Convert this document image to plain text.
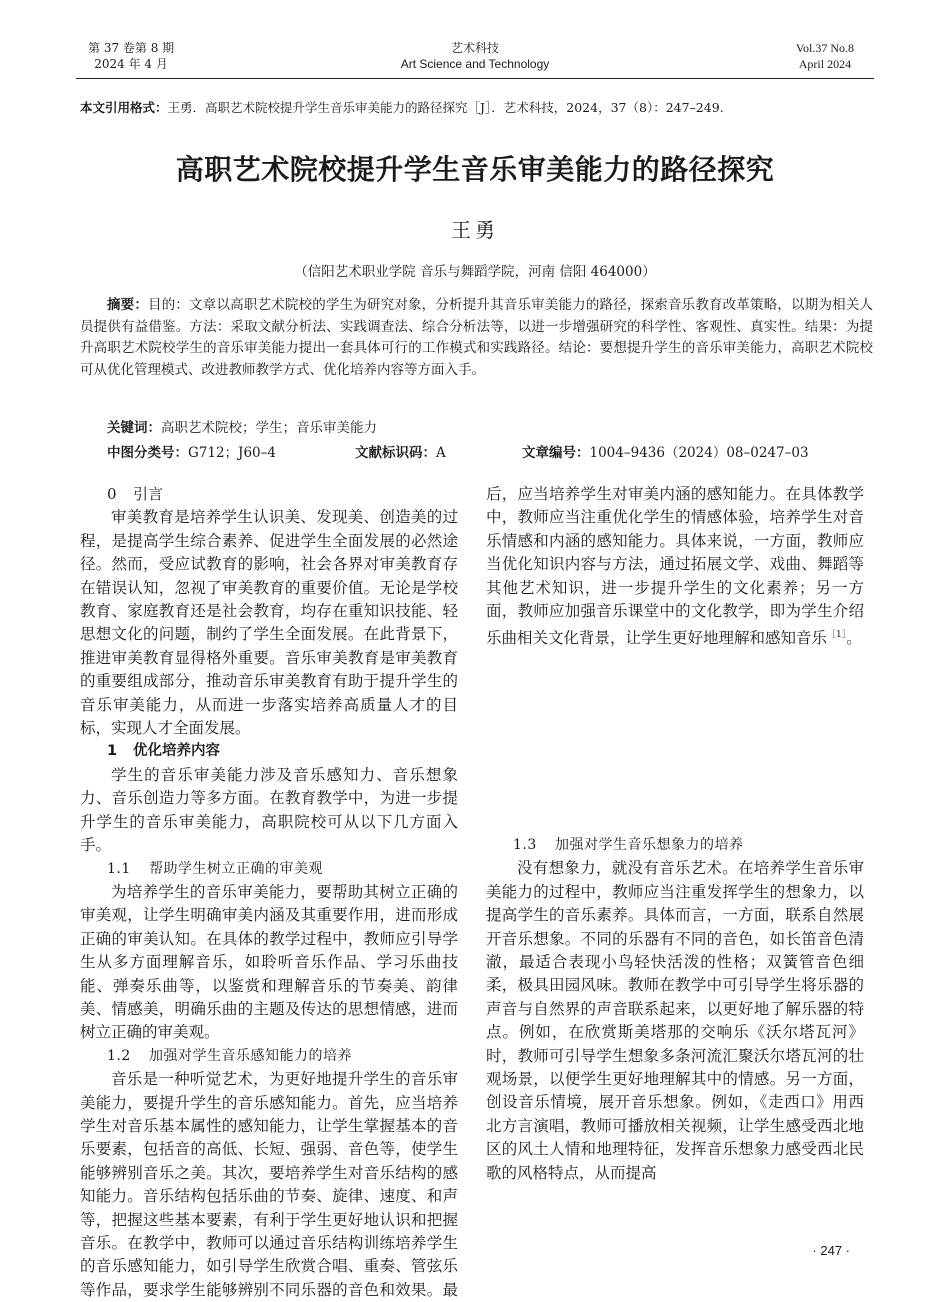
第 37 卷第 8 期
2024 年 4 月
艺术科技
Art Science and Technology
Vol.37 No.8
April 2024
本文引用格式：王勇．高职艺术院校提升学生音乐审美能力的路径探究［J］．艺术科技，2024，37（8）：247–249.
高职艺术院校提升学生音乐审美能力的路径探究
王勇
（信阳艺术职业学院 音乐与舞蹈学院，河南 信阳 464000）
摘要：目的：文章以高职艺术院校的学生为研究对象，分析提升其音乐审美能力的路径，探索音乐教育改革策略，以期为相关人员提供有益借鉴。方法：采取文献分析法、实践调查法、综合分析法等，以进一步增强研究的科学性、客观性、真实性。结果：为提升高职艺术院校学生的音乐审美能力提出一套具体可行的工作模式和实践路径。结论：要想提升学生的音乐审美能力，高职艺术院校可从优化管理模式、改进教师教学方式、优化培养内容等方面入手。
关键词：高职艺术院校；学生；音乐审美能力
中图分类号：G712；J60–4	文献标识码：A	文章编号：1004–9436（2024）08–0247–03
0 引言

审美教育是培养学生认识美、发现美、创造美的过程，是提高学生综合素养、促进学生全面发展的必然途径。然而，受应试教育的影响，社会各界对审美教育存在错误认知，忽视了审美教育的重要价值。无论是学校教育、家庭教育还是社会教育，均存在重知识技能、轻思想文化的问题，制约了学生全面发展。在此背景下，推进审美教育显得格外重要。音乐审美教育是审美教育的重要组成部分，推动音乐审美教育有助于提升学生的音乐审美能力，从而进一步落实培养高质量人才的目标，实现人才全面发展。

1 优化培养内容

学生的音乐审美能力涉及音乐感知力、音乐想象力、音乐创造力等多方面。在教育教学中，为进一步提升学生的音乐审美能力，高职院校可从以下几方面入手。

1.1 帮助学生树立正确的审美观

为培养学生的音乐审美能力，要帮助其树立正确的审美观，让学生明确审美内涵及其重要作用，进而形成正确的审美认知。在具体的教学过程中，教师应引导学生从多方面理解音乐，如聆听音乐作品、学习乐曲技能、弹奏乐曲等，以鉴赏和理解音乐的节奏美、韵律美、情感美，明确乐曲的主题及传达的思想情感，进而树立正确的审美观。

1.2 加强对学生音乐感知能力的培养

音乐是一种听觉艺术，为更好地提升学生的音乐审美能力，要提升学生的音乐感知能力。首先，应当培养学生对音乐基本属性的感知能力，让学生掌握基本的音乐要素，包括音的高低、长短、强弱、音色等，使学生能够辨别音乐之美。其次，要培养学生对音乐结构的感知能力。音乐结构包括乐曲的节奏、旋律、速度、和声等，把握这些基本要素，有利于学生更好地认识和把握音乐。在教学中，教师可以通过音乐结构训练培养学生的音乐感知能力，如引导学生欣赏合唱、重奏、管弦乐等作品，要求学生能够辨别不同乐器的音色和效果。最

后，应当培养学生对审美内涵的感知能力。在具体教学中，教师应当注重优化学生的情感体验，培养学生对音乐情感和内涵的感知能力。具体来说，一方面，教师应当优化知识内容与方法，通过拓展文学、戏曲、舞蹈等其他艺术知识，进一步提升学生的文化素养；另一方面，教师应加强音乐课堂中的文化教学，即为学生介绍乐曲相关文化背景，让学生更好地理解和感知音乐$^{[1]}$。

1.3 加强对学生音乐想象力的培养

没有想象力，就没有音乐艺术。在培养学生音乐审美能力的过程中，教师应当注重发挥学生的想象力，以提高学生的音乐素养。具体而言，一方面，联系自然展开音乐想象。不同的乐器有不同的音色，如长笛音色清澈，最适合表现小鸟轻快活泼的性格；双簧管音色细柔，极具田园风味。教师在教学中可引导学生将乐器的声音与自然界的声音联系起来，以更好地了解乐器的特点。例如，在欣赏斯美塔那的交响乐《沃尔塔瓦河》时，教师可引导学生想象多条河流汇聚沃尔塔瓦河的壮观场景，以便学生更好地理解其中的情感。另一方面，创设音乐情境，展开音乐想象。例如，《走西口》用西北方言演唱，教师可播放相关视频，让学生感受西北地区的风土人情和地理特征，发挥音乐想象力感受西北民歌的风格特点，从而提高

· 247 ·
